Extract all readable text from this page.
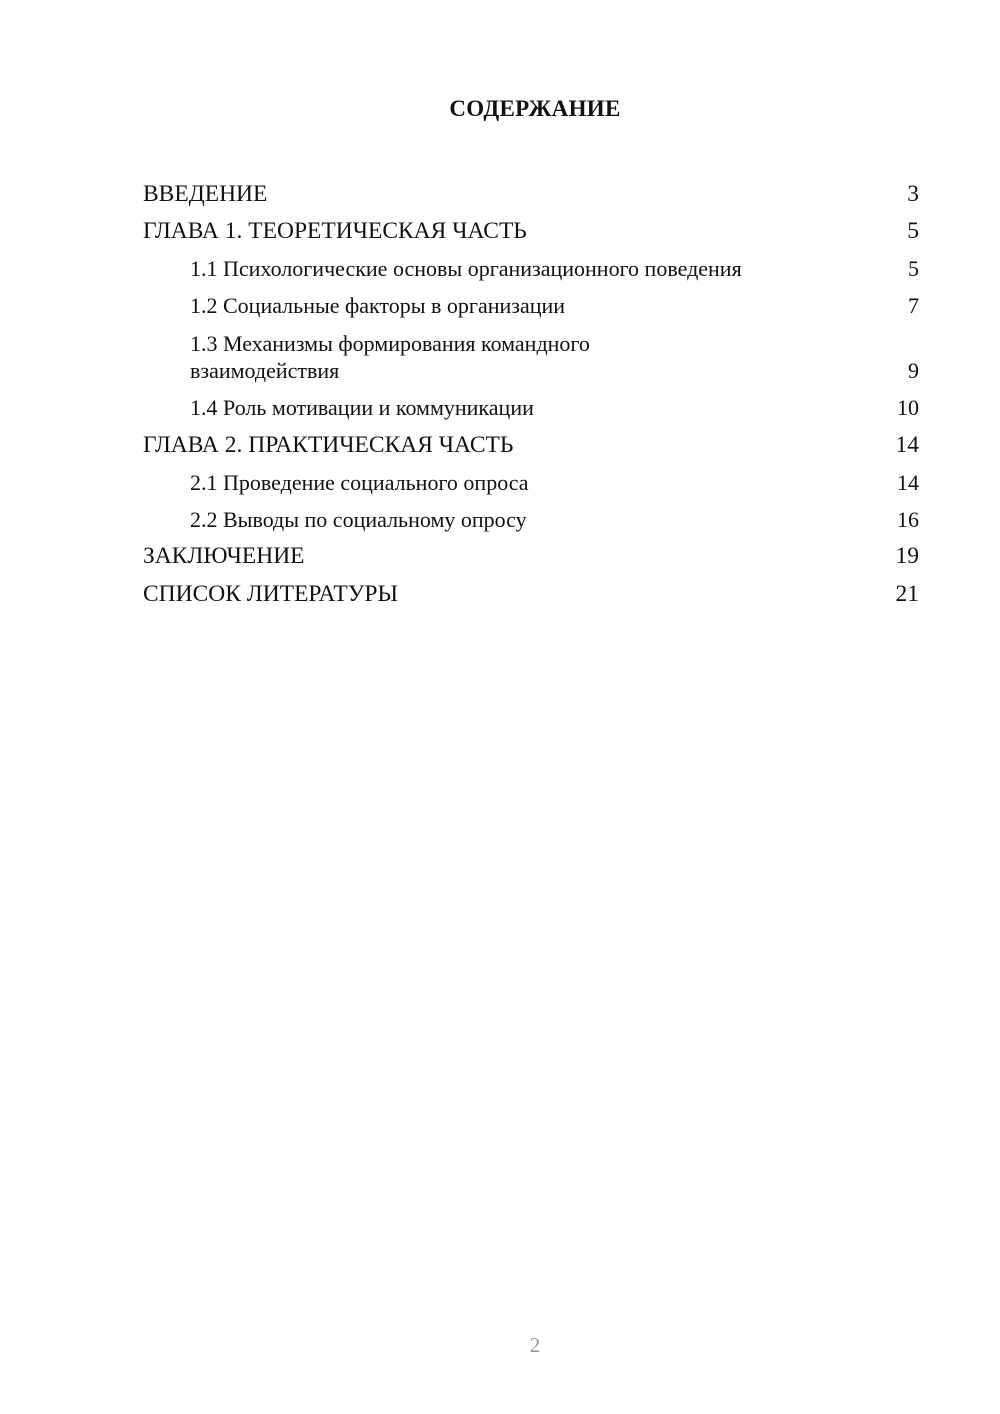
СОДЕРЖАНИЕ
ВВЕДЕНИЕ	3
ГЛАВА 1. ТЕОРЕТИЧЕСКАЯ ЧАСТЬ	5
1.1 Психологические основы организационного поведения	5
1.2 Социальные факторы в организации	7
1.3 Механизмы формирования командного взаимодействия	9
1.4 Роль мотивации и коммуникации	10
ГЛАВА 2. ПРАКТИЧЕСКАЯ ЧАСТЬ	14
2.1 Проведение социального опроса	14
2.2 Выводы по социальному опросу	16
ЗАКЛЮЧЕНИЕ	19
СПИСОК ЛИТЕРАТУРЫ	21
2
